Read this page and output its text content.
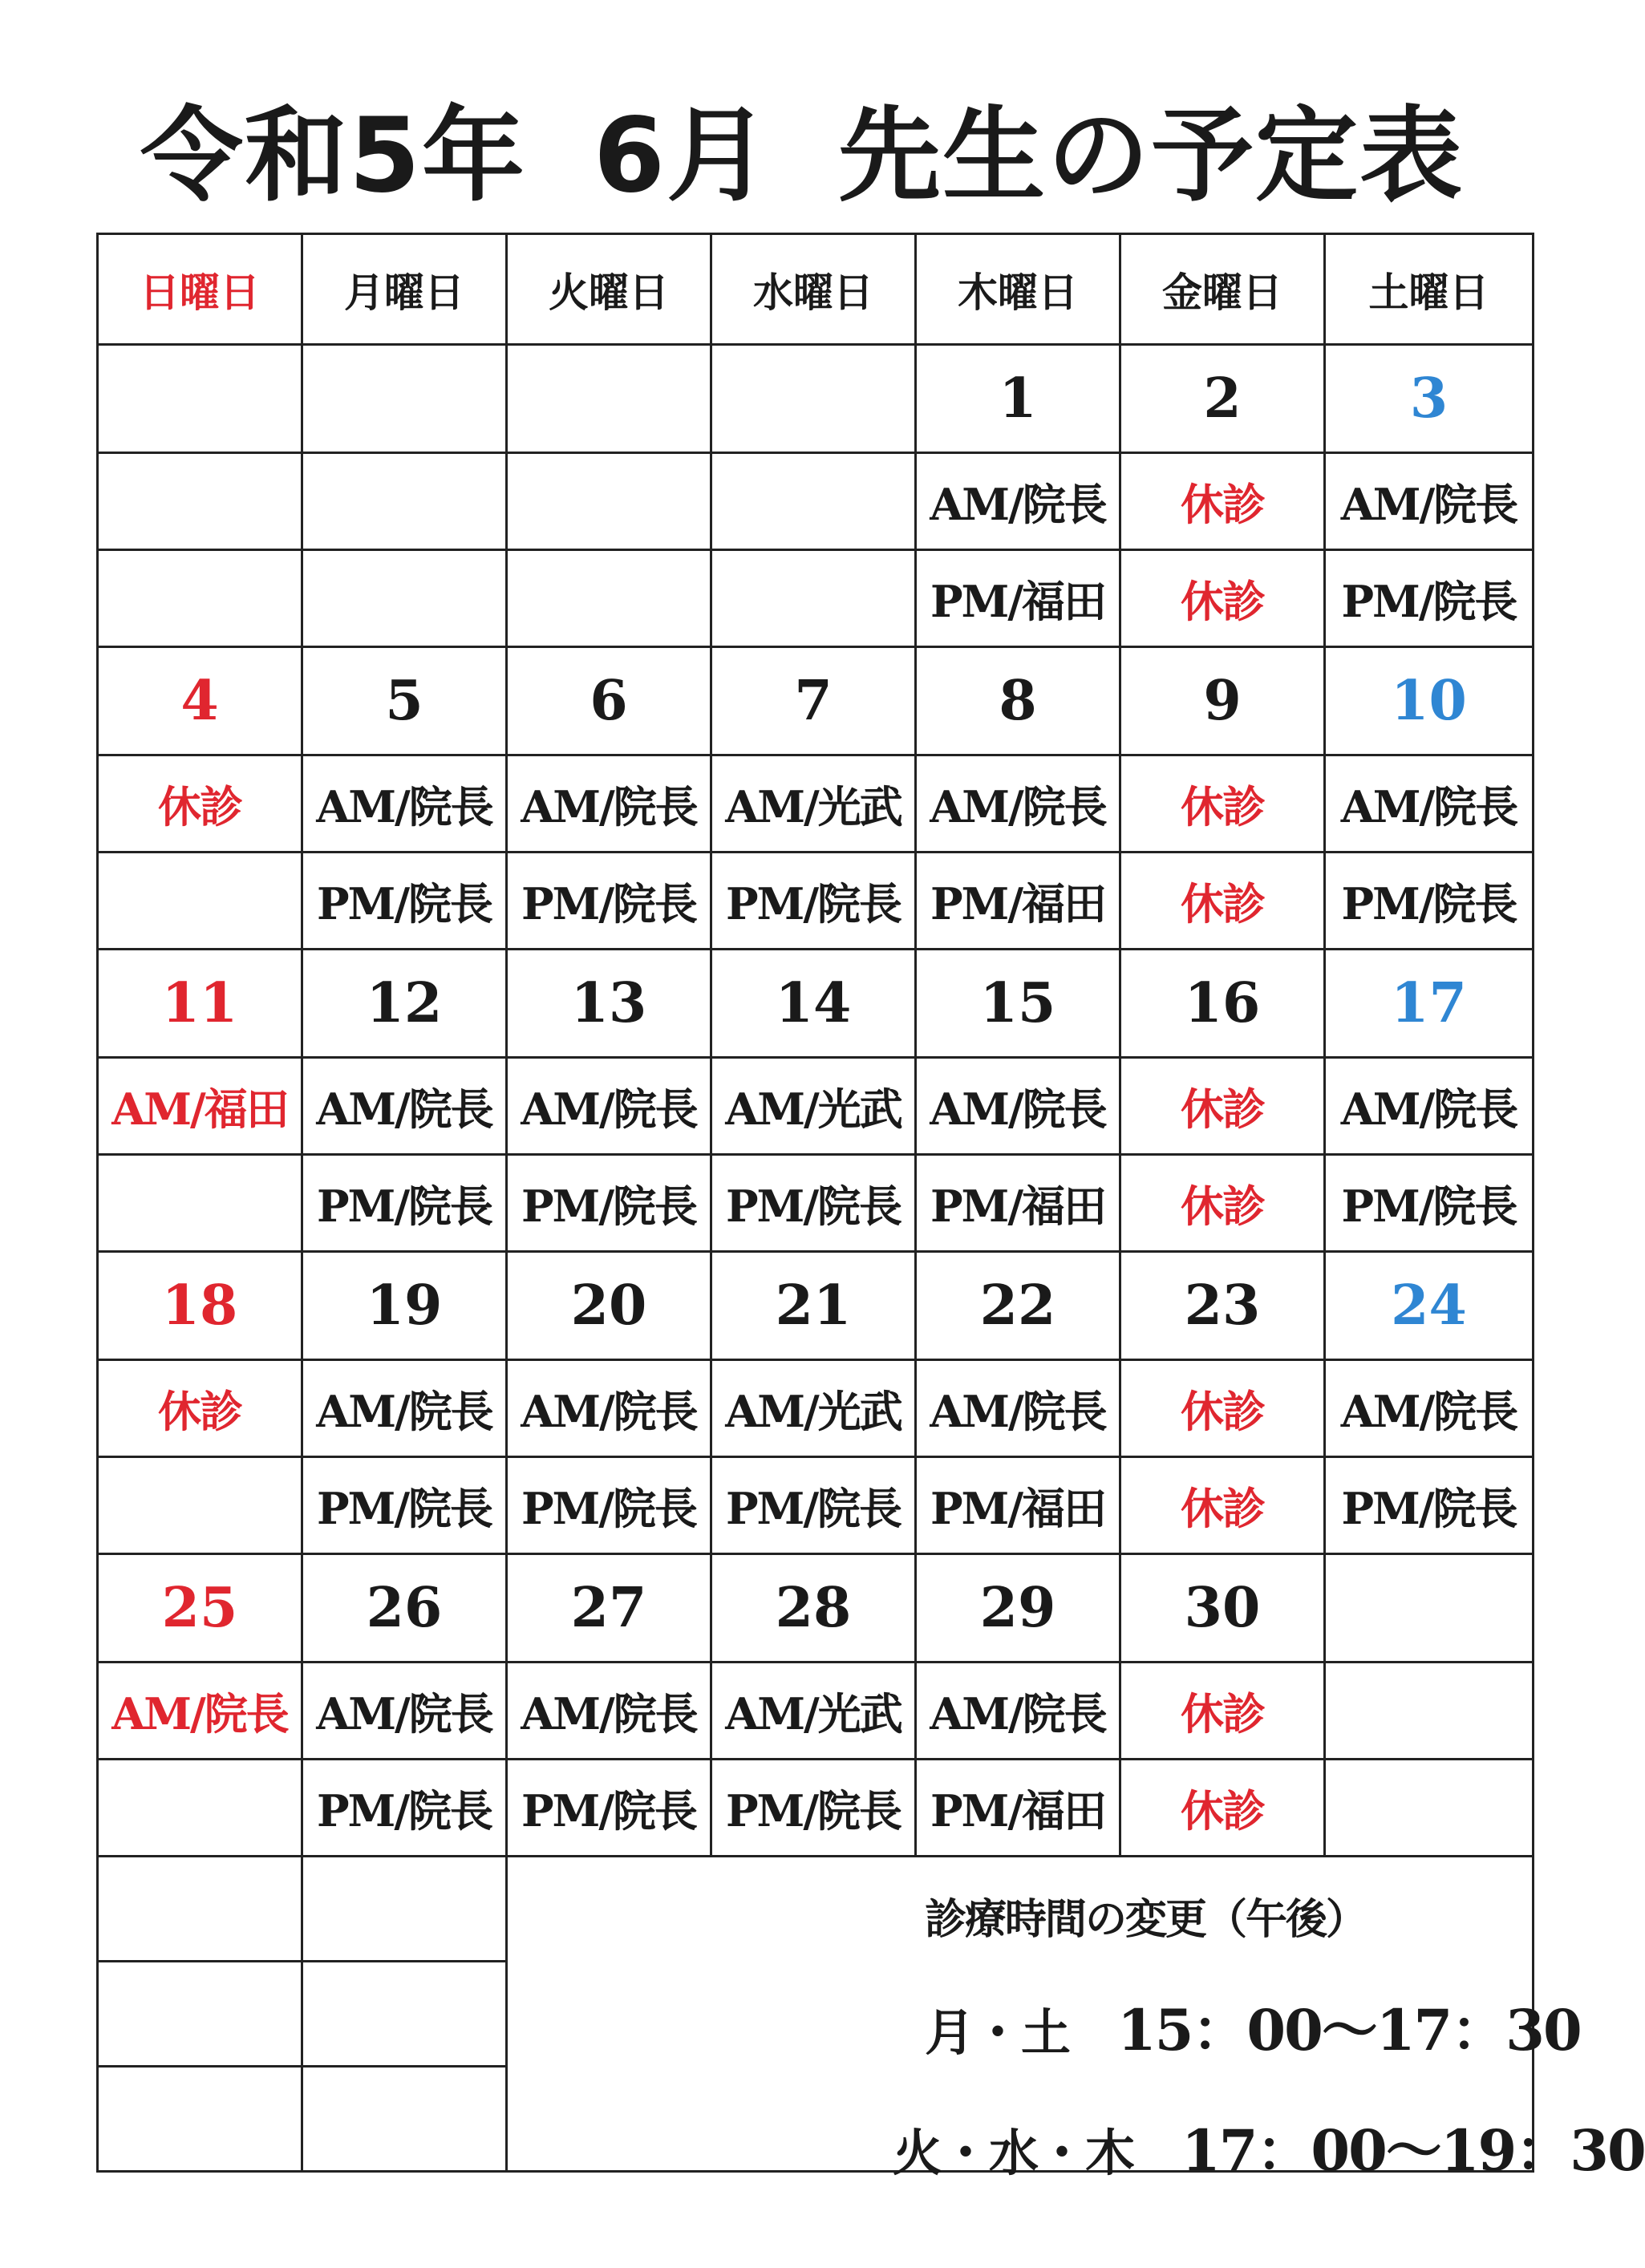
令和5年 6月 先生の予定表
日曜日	月曜日	火曜日	水曜日	木曜日	金曜日	土曜日
				1	2	3
				AM/院長	休診	AM/院長
				PM/福田	休診	PM/院長
4	5	6	7	8	9	10
休診	AM/院長	AM/院長	AM/光武	AM/院長	休診	AM/院長
	PM/院長	PM/院長	PM/院長	PM/福田	休診	PM/院長
11	12	13	14	15	16	17
AM/福田	AM/院長	AM/院長	AM/光武	AM/院長	休診	AM/院長
	PM/院長	PM/院長	PM/院長	PM/福田	休診	PM/院長
18	19	20	21	22	23	24
休診	AM/院長	AM/院長	AM/光武	AM/院長	休診	AM/院長
	PM/院長	PM/院長	PM/院長	PM/福田	休診	PM/院長
25	26	27	28	29	30	
AM/院長	AM/院長	AM/院長	AM/光武	AM/院長	休診	
	PM/院長	PM/院長	PM/院長	PM/福田	休診	

		診療時間の変更（午後）
月・土 15：00～17：30
火・水・木 17：00～19：30				
